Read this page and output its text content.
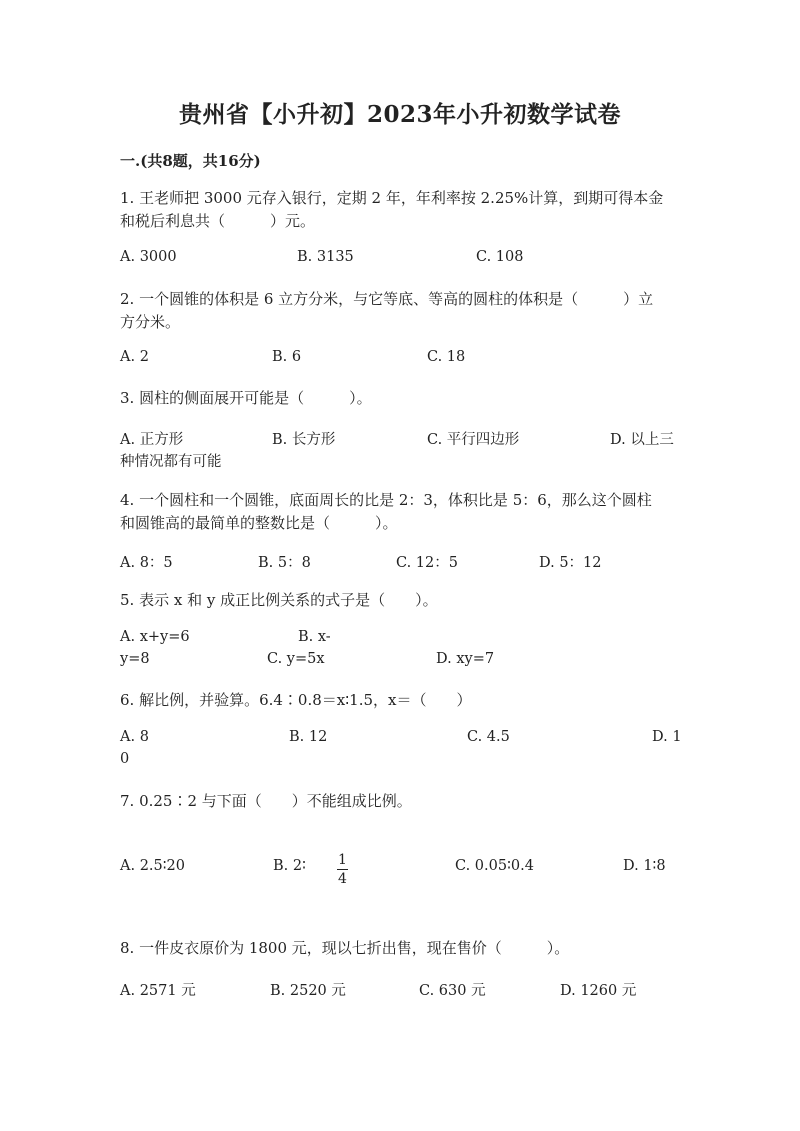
贵州省【小升初】2023年小升初数学试卷
一.(共8题，共16分)
1. 王老师把 3000 元存入银行，定期 2 年，年利率按 2.25%计算，到期可得本金
和税后利息共（　　　）元。
A. 3000	B. 3135	C. 108
2. 一个圆锥的体积是 6 立方分米，与它等底、等高的圆柱的体积是（　　　）立
方分米。
A. 2	B. 6	C. 18
3. 圆柱的侧面展开可能是（　　　）。
A. 正方形	B. 长方形	C. 平行四边形	D. 以上三
种情况都有可能
4. 一个圆柱和一个圆锥，底面周长的比是 2：3，体积比是 5：6，那么这个圆柱
和圆锥高的最简单的整数比是（　　　）。
A. 8：5	B. 5：8	C. 12：5	D. 5：12
5. 表示 x 和 y 成正比例关系的式子是（　　）。
A. x+y=6	B. x-
y=8	C. y=5x	D. xy=7
6. 解比例，并验算。6.4∶0.8＝x∶1.5，x＝（　　）
A. 8	B. 12	C. 4.5	D. 1
0
7. 0.25∶2 与下面（　　）不能组成比例。
A. 2.5∶20	B. 2∶ 1
4
C. 0.05∶0.4	D. 1∶8
8. 一件皮衣原价为 1800 元，现以七折出售，现在售价（　　　）。
A. 2571 元	B. 2520 元	C. 630 元	D. 1260 元
